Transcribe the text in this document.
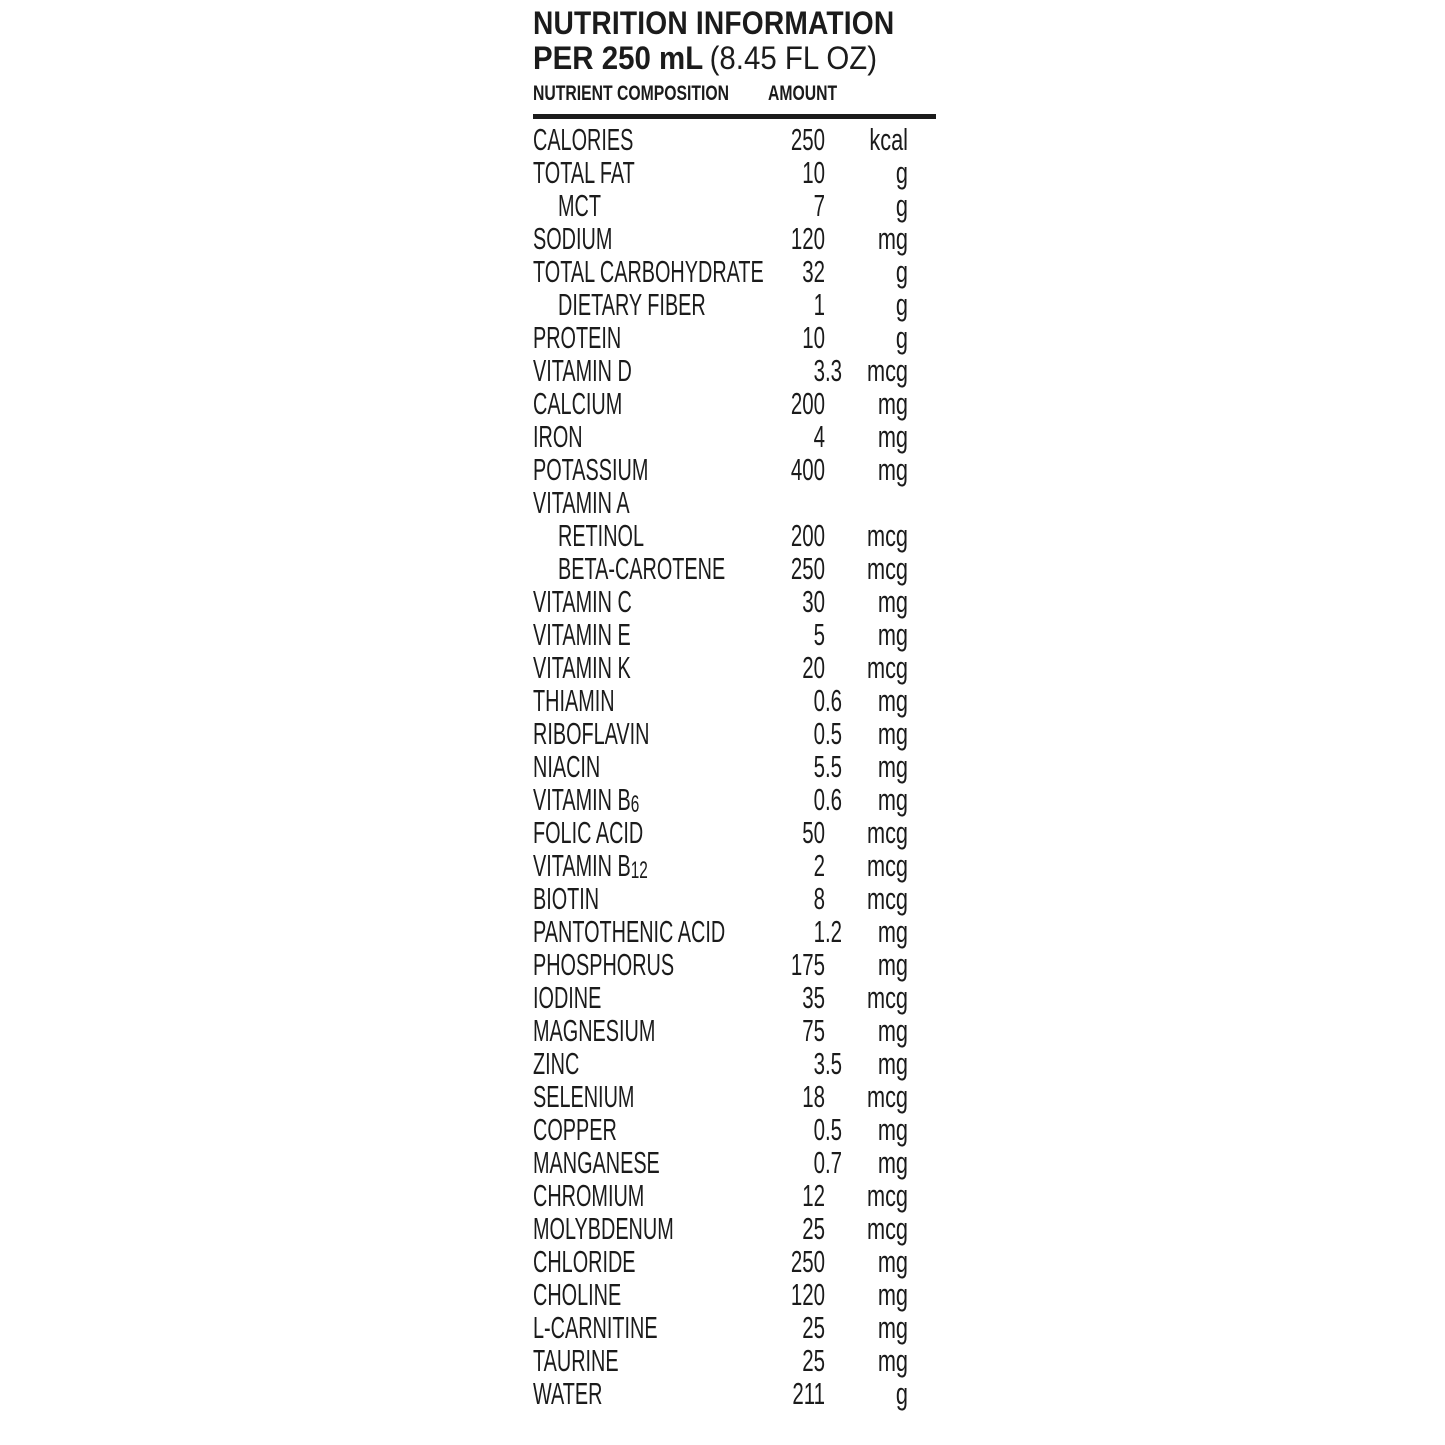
NUTRITION INFORMATION
PER 250 mL (8.45 FL OZ)
NUTRIENT COMPOSITION AMOUNT
CALORIES	250	kcal
TOTAL FAT	10	g
MCT	7	g
SODIUM	120	mg
TOTAL CARBOHYDRATE	32	g
DIETARY FIBER	1	g
PROTEIN	10	g
VITAMIN D	3 .3 mcg
CALCIUM	200	mg
IRON	4	mg
POTASSIUM	400	mg
VITAMIN A
RETINOL	200	mcg
BETA-CAROTENE	250	mcg
VITAMIN C	30	mg
VITAMIN E	5	mg
VITAMIN K	20	mcg
THIAMIN	0 .6	mg
RIBOFLAVIN	0 .5	mg
NIACIN	5 .5	mg
VITAMIN B6	0 .6	mg
FOLIC ACID	50	mcg
VITAMIN B12	2	mcg
BIOTIN	8	mcg
PANTOTHENIC ACID	1 .2	mg
PHOSPHORUS	175	mg
IODINE	35	mcg
MAGNESIUM	75	mg
ZINC	3 .5	mg
SELENIUM	18	mcg
COPPER	0 .5	mg
MANGANESE	0 .7	mg
CHROMIUM	12	mcg
MOLYBDENUM	25	mcg
CHLORIDE	250	mg
CHOLINE	120	mg
L-CARNITINE	25	mg
TAURINE	25	mg
WATER	211	g
